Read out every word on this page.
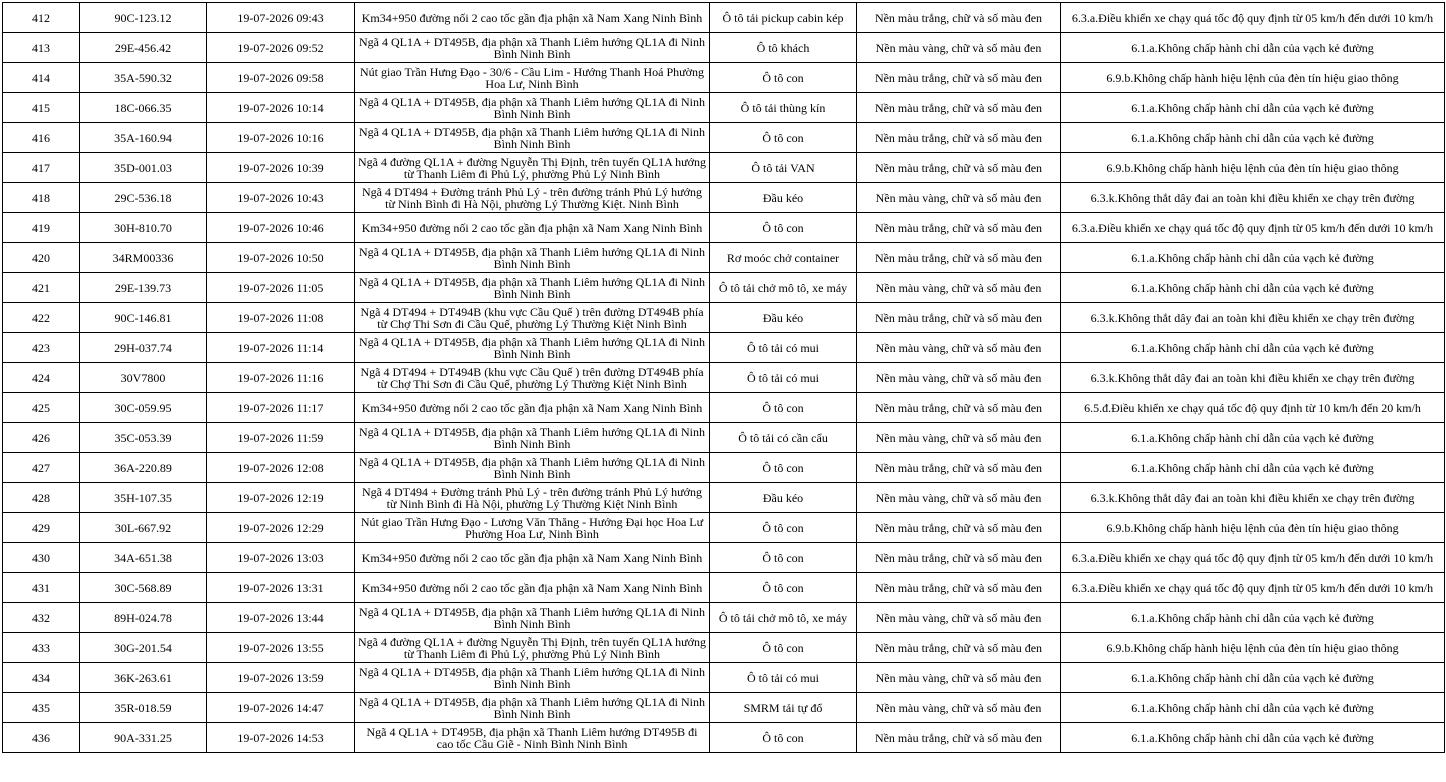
412	90C-123.12	19-07-2026 09:43	Km34+950 đường nối 2 cao tốc gần địa phận xã Nam Xang Ninh Bình	Ô tô tải pickup cabin kép	Nền màu trắng, chữ và số màu đen	6.3.a.Điều khiển xe chạy quá tốc độ quy định từ 05 km/h đến dưới 10 km/h
413	29E-456.42	19-07-2026 09:52	Ngã 4 QL1A + DT495B, địa phận xã Thanh Liêm hướng QL1A đi Ninh Bình Ninh Bình	Ô tô khách	Nền màu vàng, chữ và số màu đen	6.1.a.Không chấp hành chỉ dẫn của vạch kẻ đường
414	35A-590.32	19-07-2026 09:58	Nút giao Trần Hưng Đạo - 30/6 - Cầu Lim - Hướng Thanh Hoá Phường Hoa Lư, Ninh Bình	Ô tô con	Nền màu trắng, chữ và số màu đen	6.9.b.Không chấp hành hiệu lệnh của đèn tín hiệu giao thông
415	18C-066.35	19-07-2026 10:14	Ngã 4 QL1A + DT495B, địa phận xã Thanh Liêm hướng QL1A đi Ninh Bình Ninh Bình	Ô tô tải thùng kín	Nền màu trắng, chữ và số màu đen	6.1.a.Không chấp hành chỉ dẫn của vạch kẻ đường
416	35A-160.94	19-07-2026 10:16	Ngã 4 QL1A + DT495B, địa phận xã Thanh Liêm hướng QL1A đi Ninh Bình Ninh Bình	Ô tô con	Nền màu trắng, chữ và số màu đen	6.1.a.Không chấp hành chỉ dẫn của vạch kẻ đường
417	35D-001.03	19-07-2026 10:39	Ngã 4 đường QL1A + đường Nguyễn Thị Định, trên tuyến QL1A hướng từ Thanh Liêm đi Phủ Lý, phường Phủ Lý Ninh Bình	Ô tô tải VAN	Nền màu trắng, chữ và số màu đen	6.9.b.Không chấp hành hiệu lệnh của đèn tín hiệu giao thông
418	29C-536.18	19-07-2026 10:43	Ngã 4 DT494 + Đường tránh Phủ Lý - trên đường tránh Phủ Lý hướng từ Ninh Bình đi Hà Nội, phường Lý Thường Kiệt. Ninh Bình	Đầu kéo	Nền màu vàng, chữ và số màu đen	6.3.k.Không thắt dây đai an toàn khi điều khiển xe chạy trên đường
419	30H-810.70	19-07-2026 10:46	Km34+950 đường nối 2 cao tốc gần địa phận xã Nam Xang Ninh Bình	Ô tô con	Nền màu trắng, chữ và số màu đen	6.3.a.Điều khiển xe chạy quá tốc độ quy định từ 05 km/h đến dưới 10 km/h
420	34RM00336	19-07-2026 10:50	Ngã 4 QL1A + DT495B, địa phận xã Thanh Liêm hướng QL1A đi Ninh Bình Ninh Bình	Rơ moóc chở container	Nền màu trắng, chữ và số màu đen	6.1.a.Không chấp hành chỉ dẫn của vạch kẻ đường
421	29E-139.73	19-07-2026 11:05	Ngã 4 QL1A + DT495B, địa phận xã Thanh Liêm hướng QL1A đi Ninh Bình Ninh Bình	Ô tô tải chở mô tô, xe máy	Nền màu vàng, chữ và số màu đen	6.1.a.Không chấp hành chỉ dẫn của vạch kẻ đường
422	90C-146.81	19-07-2026 11:08	Ngã 4 DT494 + DT494B (khu vực Cầu Quế ) trên đường DT494B phía từ Chợ Thi Sơn đi Cầu Quế, phường Lý Thường Kiệt Ninh Bình	Đầu kéo	Nền màu trắng, chữ và số màu đen	6.3.k.Không thắt dây đai an toàn khi điều khiển xe chạy trên đường
423	29H-037.74	19-07-2026 11:14	Ngã 4 QL1A + DT495B, địa phận xã Thanh Liêm hướng QL1A đi Ninh Bình Ninh Bình	Ô tô tải có mui	Nền màu vàng, chữ và số màu đen	6.1.a.Không chấp hành chỉ dẫn của vạch kẻ đường
424	30V7800	19-07-2026 11:16	Ngã 4 DT494 + DT494B (khu vực Cầu Quế ) trên đường DT494B phía từ Chợ Thi Sơn đi Cầu Quế, phường Lý Thường Kiệt Ninh Bình	Ô tô tải có mui	Nền màu vàng, chữ và số màu đen	6.3.k.Không thắt dây đai an toàn khi điều khiển xe chạy trên đường
425	30C-059.95	19-07-2026 11:17	Km34+950 đường nối 2 cao tốc gần địa phận xã Nam Xang Ninh Bình	Ô tô con	Nền màu trắng, chữ và số màu đen	6.5.đ.Điều khiển xe chạy quá tốc độ quy định từ 10 km/h đến 20 km/h
426	35C-053.39	19-07-2026 11:59	Ngã 4 QL1A + DT495B, địa phận xã Thanh Liêm hướng QL1A đi Ninh Bình Ninh Bình	Ô tô tải có cần cẩu	Nền màu vàng, chữ và số màu đen	6.1.a.Không chấp hành chỉ dẫn của vạch kẻ đường
427	36A-220.89	19-07-2026 12:08	Ngã 4 QL1A + DT495B, địa phận xã Thanh Liêm hướng QL1A đi Ninh Bình Ninh Bình	Ô tô con	Nền màu trắng, chữ và số màu đen	6.1.a.Không chấp hành chỉ dẫn của vạch kẻ đường
428	35H-107.35	19-07-2026 12:19	Ngã 4 DT494 + Đường tránh Phủ Lý - trên đường tránh Phủ Lý hướng từ Ninh Bình đi Hà Nội, phường Lý Thường Kiệt Ninh Bình	Đầu kéo	Nền màu vàng, chữ và số màu đen	6.3.k.Không thắt dây đai an toàn khi điều khiển xe chạy trên đường
429	30L-667.92	19-07-2026 12:29	Nút giao Trần Hưng Đạo - Lương Văn Thăng - Hướng Đại học Hoa Lư Phường Hoa Lư, Ninh Bình	Ô tô con	Nền màu trắng, chữ và số màu đen	6.9.b.Không chấp hành hiệu lệnh của đèn tín hiệu giao thông
430	34A-651.38	19-07-2026 13:03	Km34+950 đường nối 2 cao tốc gần địa phận xã Nam Xang Ninh Bình	Ô tô con	Nền màu trắng, chữ và số màu đen	6.3.a.Điều khiển xe chạy quá tốc độ quy định từ 05 km/h đến dưới 10 km/h
431	30C-568.89	19-07-2026 13:31	Km34+950 đường nối 2 cao tốc gần địa phận xã Nam Xang Ninh Bình	Ô tô con	Nền màu trắng, chữ và số màu đen	6.3.a.Điều khiển xe chạy quá tốc độ quy định từ 05 km/h đến dưới 10 km/h
432	89H-024.78	19-07-2026 13:44	Ngã 4 QL1A + DT495B, địa phận xã Thanh Liêm hướng QL1A đi Ninh Bình Ninh Bình	Ô tô tải chở mô tô, xe máy	Nền màu vàng, chữ và số màu đen	6.1.a.Không chấp hành chỉ dẫn của vạch kẻ đường
433	30G-201.54	19-07-2026 13:55	Ngã 4 đường QL1A + đường Nguyễn Thị Định, trên tuyến QL1A hướng từ Thanh Liêm đi Phủ Lý, phường Phủ Lý Ninh Bình	Ô tô con	Nền màu trắng, chữ và số màu đen	6.9.b.Không chấp hành hiệu lệnh của đèn tín hiệu giao thông
434	36K-263.61	19-07-2026 13:59	Ngã 4 QL1A + DT495B, địa phận xã Thanh Liêm hướng QL1A đi Ninh Bình Ninh Bình	Ô tô tải có mui	Nền màu vàng, chữ và số màu đen	6.1.a.Không chấp hành chỉ dẫn của vạch kẻ đường
435	35R-018.59	19-07-2026 14:47	Ngã 4 QL1A + DT495B, địa phận xã Thanh Liêm hướng QL1A đi Ninh Bình Ninh Bình	SMRM tải tự đổ	Nền màu vàng, chữ và số màu đen	6.1.a.Không chấp hành chỉ dẫn của vạch kẻ đường
436	90A-331.25	19-07-2026 14:53	Ngã 4 QL1A + DT495B, địa phận xã Thanh Liêm hướng DT495B đi cao tốc Cầu Giẽ - Ninh Bình Ninh Bình	Ô tô con	Nền màu trắng, chữ và số màu đen	6.1.a.Không chấp hành chỉ dẫn của vạch kẻ đường
